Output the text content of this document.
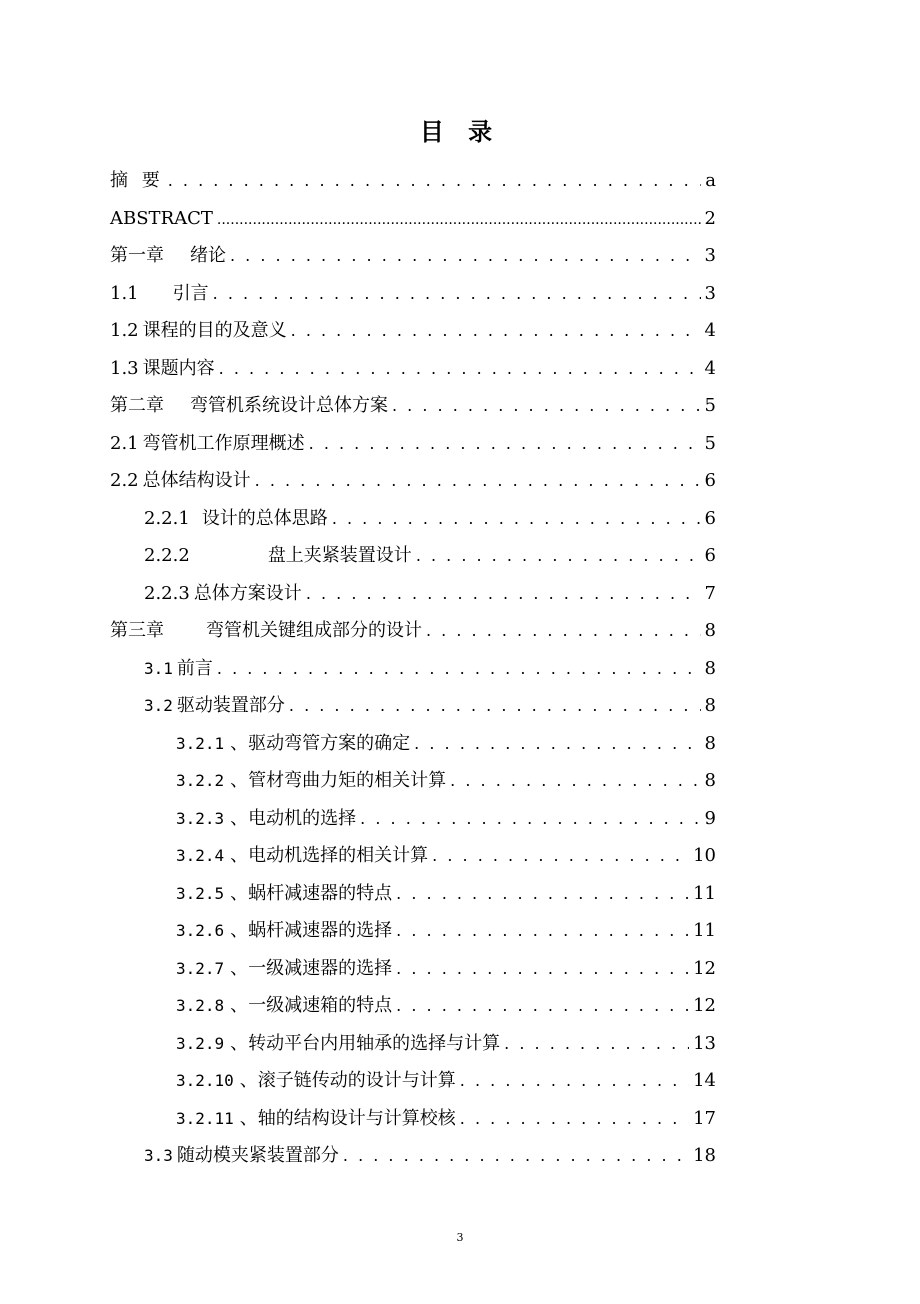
目 录
摘 要 . . .	a
ABSTRACT .....	2
第一章 绪论 . . .	3
1.1 引言 . . .	3
1.2 课程的目的及意义 . . .	4
1.3 课题内容 . . .	4
第二章 弯管机系统设计总体方案 . . .	5
2.1 弯管机工作原理概述 . . .	5
2.2 总体结构设计 . . .	6
2.2.1 设计的总体思路 . . .	6
2.2.2	盘上夹紧装置设计 . . .	6
2.2.3 总体方案设计 . . .	7
第三章 弯管机关键组成部分的设计 . . .	8
3.1 前言 . . .	8
3.2 驱动装置部分 . . .	8
3.2.1 、驱动弯管方案的确定 . . .	8
3.2.2 、管材弯曲力矩的相关计算 . . .	8
3.2.3 、电动机的选择 . . .	9
3.2.4 、电动机选择的相关计算 . . .	10
3.2.5 、蜗杆减速器的特点 . . .	11
3.2.6 、蜗杆减速器的选择 . . .	11
3.2.7 、一级减速器的选择 . . .	12
3.2.8 、一级减速箱的特点 . . .	12
3.2.9 、转动平台内用轴承的选择与计算 . . .	13
3.2.10 、滚子链传动的设计与计算 . . .	14
3.2.11 、轴的结构设计与计算校核 . . .	17
3.3 随动模夹紧装置部分 . . .	18
3
